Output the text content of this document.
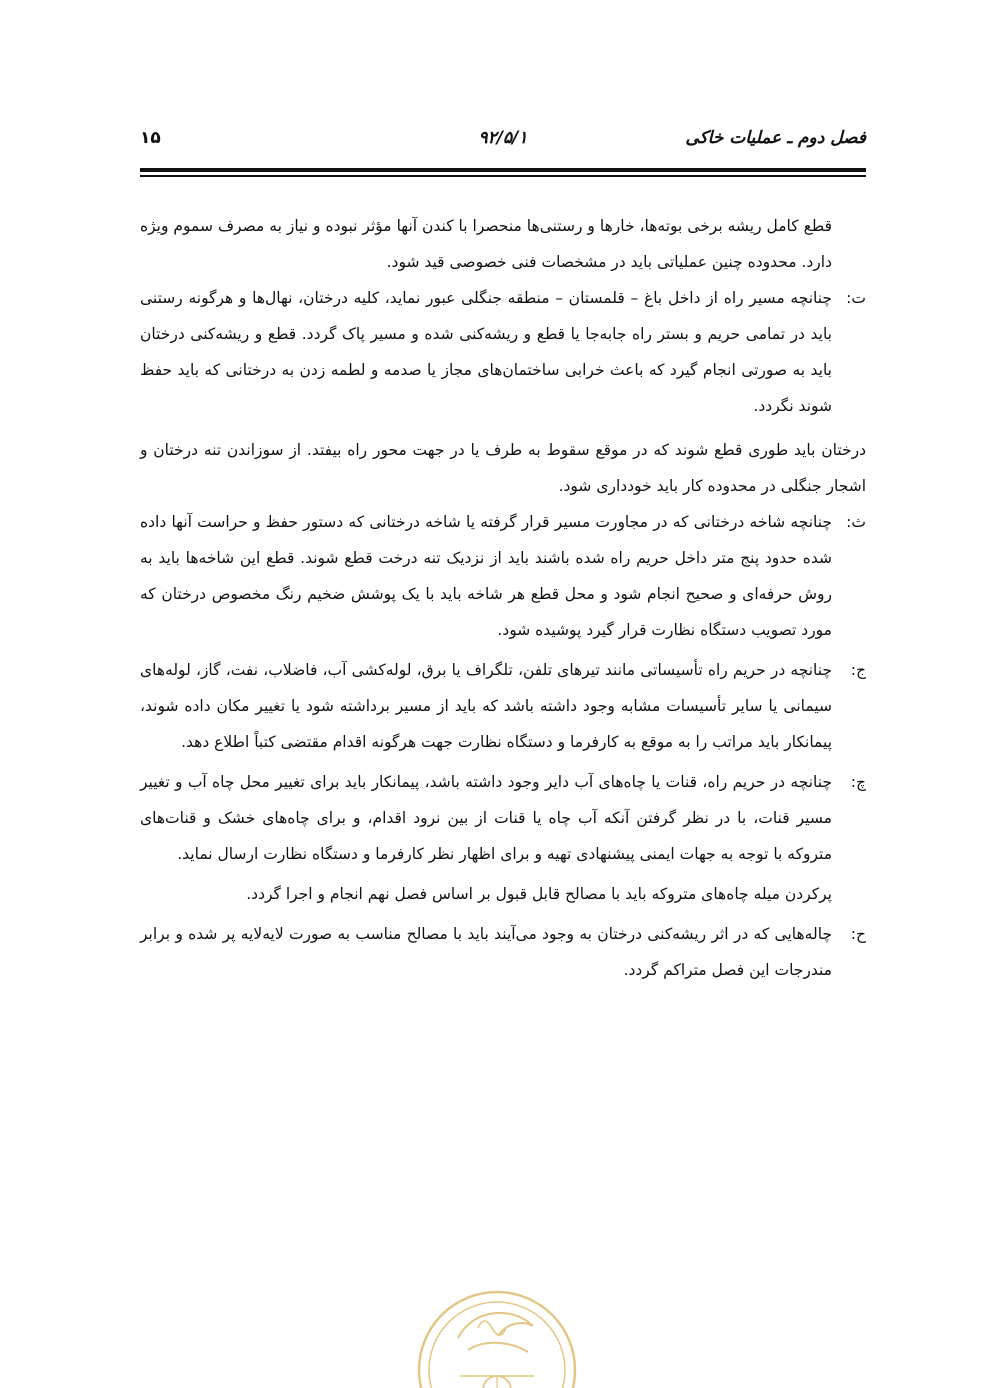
فصل دوم ـ عملیات خاکی
۹۲/۵/۱
۱۵

قطع کامل ریشه برخی بوته‌ها، خارها و رستنی‌ها منحصرا با کندن آنها مؤثر نبوده و نیاز به مصرف سموم ویژه دارد. محدوده چنین عملیاتی باید در مشخصات فنی خصوصی قید شود.

ت:

چنانچه مسیر راه از داخل باغ – قلمستان – منطقه جنگلی عبور نماید، کلیه درختان، نهال‌ها و هرگونه رستنی باید در تمامی حریم و بستر راه جابه‌جا یا قطع و ریشه‌کنی شده و مسیر پاک گردد. قطع و ریشه‌کنی درختان باید به صورتی انجام گیرد که باعث خرابی ساختمان‌های مجاز یا صدمه و لطمه زدن به درختانی که باید حفظ شوند نگردد.

درختان باید طوری قطع شوند که در موقع سقوط به طرف یا در جهت محور راه بیفتد. از سوزاندن تنه درختان و اشجار جنگلی در محدوده کار باید خودداری شود.

ث:

چنانچه شاخه درختانی که در مجاورت مسیر قرار گرفته یا شاخه درختانی که دستور حفظ و حراست آنها داده شده حدود پنج متر داخل حریم راه شده باشند باید از نزدیک تنه درخت قطع شوند. قطع این شاخه‌ها باید به روش حرفه‌ای و صحیح انجام شود و محل قطع هر شاخه باید با یک پوشش ضخیم رنگ مخصوص درختان که مورد تصویب دستگاه نظارت قرار گیرد پوشیده شود.

ج:

چنانچه در حریم راه تأسیساتی مانند تیرهای تلفن، تلگراف یا برق، لوله‌کشی آب، فاضلاب، نفت، گاز، لوله‌های سیمانی یا سایر تأسیسات مشابه وجود داشته باشد که باید از مسیر برداشته شود یا تغییر مکان داده شوند، پیمانکار باید مراتب را به موقع به کارفرما و دستگاه نظارت جهت هرگونه اقدام مقتضی کتباً اطلاع دهد.

چ:

چنانچه در حریم راه، قنات یا چاه‌های آب دایر وجود داشته باشد، پیمانکار باید برای تغییر محل چاه آب و تغییر مسیر قنات، با در نظر گرفتن آنکه آب چاه یا قنات از بین نرود اقدام، و برای چاه‌های خشک و قنات‌های متروکه با توجه به جهات ایمنی پیشنهادی تهیه و برای اظهار نظر کارفرما و دستگاه نظارت ارسال نماید.

پرکردن میله چاه‌های متروکه باید با مصالح قابل قبول بر اساس فصل نهم انجام و اجرا گردد.

ح:

چاله‌هایی که در اثر ریشه‌کنی درختان به وجود می‌آیند باید با مصالح مناسب به صورت لایه‌لایه پر شده و برابر مندرجات این فصل متراکم گردد.
